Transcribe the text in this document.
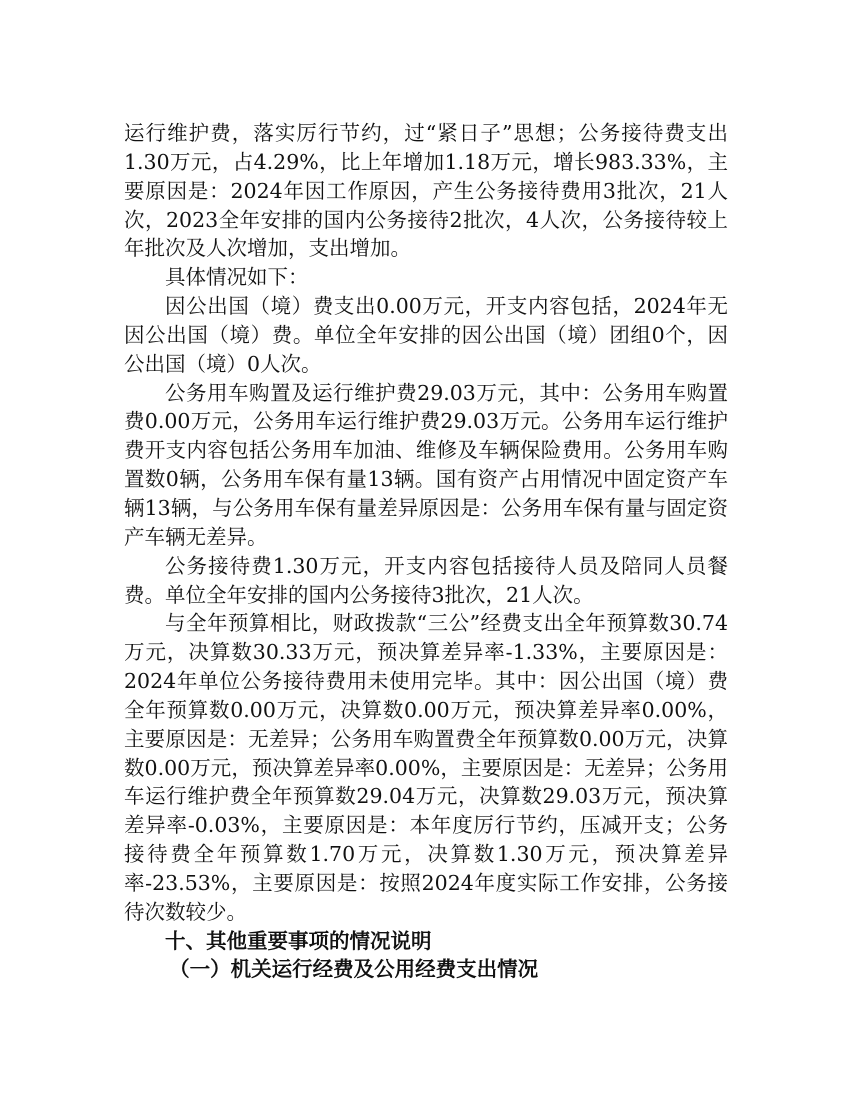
运行维护费，落实厉行节约，过“紧日子”思想；公务接待费支出1.30万元，占4.29%，比上年增加1.18万元，增长983.33%，主要原因是：2024年因工作原因，产生公务接待费用3批次，21人次，2023全年安排的国内公务接待2批次，4人次，公务接待较上年批次及人次增加，支出增加。

具体情况如下：

因公出国（境）费支出0.00万元，开支内容包括，2024年无因公出国（境）费。单位全年安排的因公出国（境）团组0个，因公出国（境）0人次。

公务用车购置及运行维护费29.03万元，其中：公务用车购置费0.00万元，公务用车运行维护费29.03万元。公务用车运行维护费开支内容包括公务用车加油、维修及车辆保险费用。公务用车购置数0辆，公务用车保有量13辆。国有资产占用情况中固定资产车辆13辆，与公务用车保有量差异原因是：公务用车保有量与固定资产车辆无差异。

公务接待费1.30万元，开支内容包括接待人员及陪同人员餐费。单位全年安排的国内公务接待3批次，21人次。

与全年预算相比，财政拨款“三公”经费支出全年预算数30.74万元，决算数30.33万元，预决算差异率-1.33%，主要原因是：2024年单位公务接待费用未使用完毕。其中：因公出国（境）费全年预算数0.00万元，决算数0.00万元，预决算差异率0.00%，主要原因是：无差异；公务用车购置费全年预算数0.00万元，决算数0.00万元，预决算差异率0.00%，主要原因是：无差异；公务用车运行维护费全年预算数29.04万元，决算数29.03万元，预决算差异率-0.03%，主要原因是：本年度厉行节约，压减开支；公务接待费全年预算数1.70万元，决算数1.30万元，预决算差异率-23.53%，主要原因是：按照2024年度实际工作安排，公务接待次数较少。

十、其他重要事项的情况说明
（一）机关运行经费及公用经费支出情况
